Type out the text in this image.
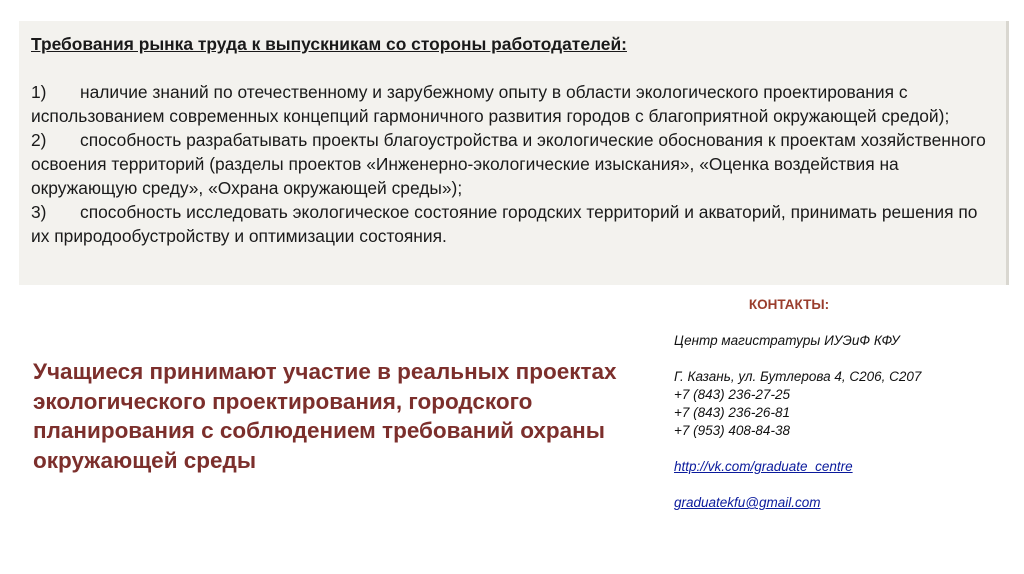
Требования рынка труда к выпускникам со стороны работодателей:

1) наличие знаний по отечественному и зарубежному опыту в области экологического проектирования с использованием современных концепций гармоничного развития городов с благоприятной окружающей средой);

2) способность разрабатывать проекты благоустройства и экологические обоснования к проектам хозяйственного освоения территорий (разделы проектов «Инженерно-экологические изыскания», «Оценка воздействия на окружающую среду», «Охрана окружающей среды»);

3) способность исследовать экологическое состояние городских территорий и акваторий, принимать решения по их природообустройству и оптимизации состояния.

Учащиеся принимают участие в реальных проектах экологического проектирования, городского планирования с соблюдением требований охраны окружающей среды

КОНТАКТЫ:

Центр магистратуры ИУЭиФ КФУ

Г. Казань, ул. Бутлерова 4, С206, С207

+7 (843) 236-27-25

+7 (843) 236-26-81

+7 (953) 408-84-38

http://vk.com/graduate_centre

graduatekfu@gmail.com
